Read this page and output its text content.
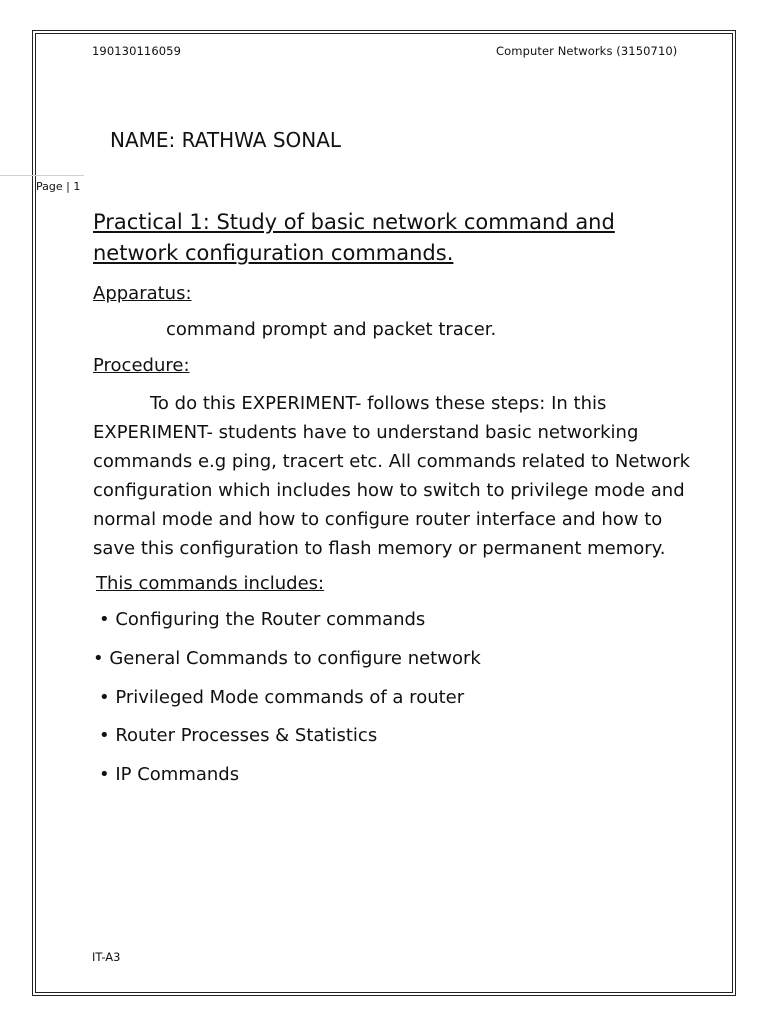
190130116059	Computer Networks (3150710)
Page | 1
NAME: RATHWA SONAL
Practical 1: Study of basic network command and network configuration commands.
Apparatus:
command prompt and packet tracer.
Procedure:
To do this EXPERIMENT- follows these steps: In this EXPERIMENT- students have to understand basic networking commands e.g ping, tracert etc. All commands related to Network configuration which includes how to switch to privilege mode and normal mode and how to configure router interface and how to save this configuration to flash memory or permanent memory.
This commands includes:
• Configuring the Router commands
• General Commands to configure network
• Privileged Mode commands of a router
• Router Processes & Statistics
• IP Commands
IT-A3
